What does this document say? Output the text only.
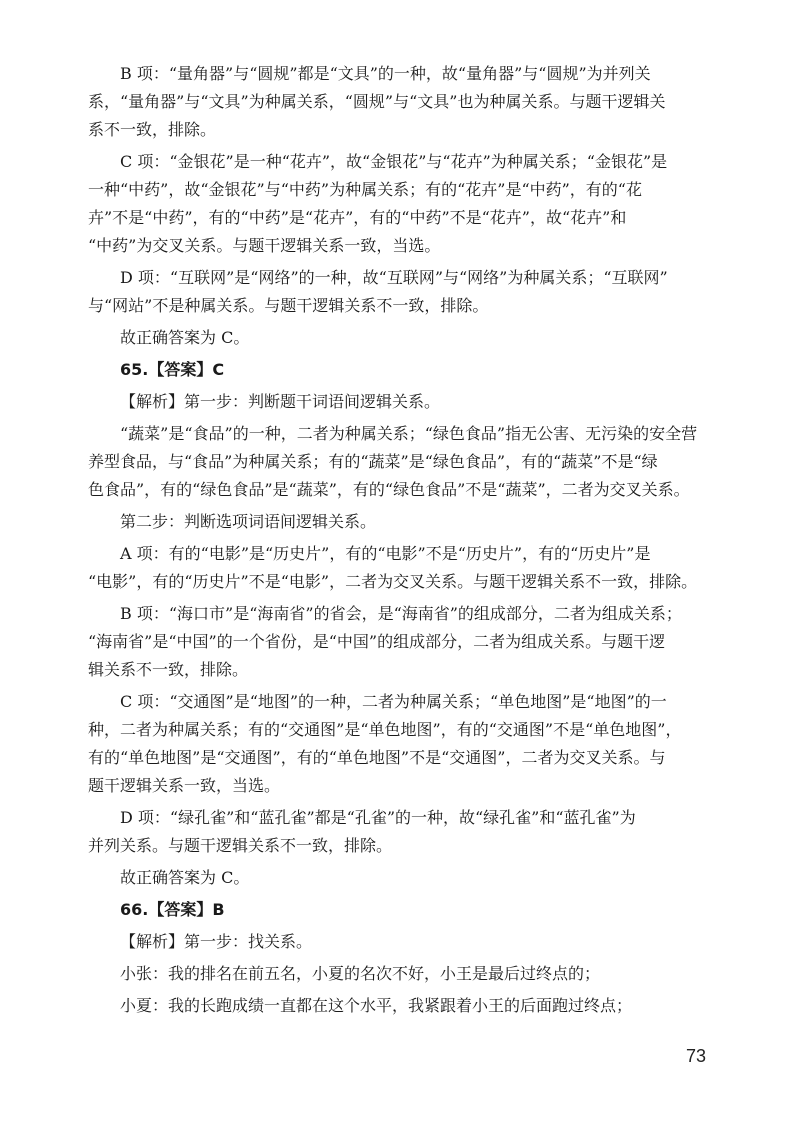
B 项：“量角器”与“圆规”都是“文具”的一种，故“量角器”与“圆规”为并列关
系，“量角器”与“文具”为种属关系，“圆规”与“文具”也为种属关系。与题干逻辑关
系不一致，排除。
C 项：“金银花”是一种“花卉”，故“金银花”与“花卉”为种属关系；“金银花”是
一种“中药”，故“金银花”与“中药”为种属关系；有的“花卉”是“中药”，有的“花
卉”不是“中药”，有的“中药”是“花卉”，有的“中药”不是“花卉”，故“花卉”和
“中药”为交叉关系。与题干逻辑关系一致，当选。
D 项：“互联网”是“网络”的一种，故“互联网”与“网络”为种属关系；“互联网”
与“网站”不是种属关系。与题干逻辑关系不一致，排除。
故正确答案为 C。
65.【答案】C
【解析】第一步：判断题干词语间逻辑关系。
“蔬菜”是“食品”的一种，二者为种属关系；“绿色食品”指无公害、无污染的安全营
养型食品，与“食品”为种属关系；有的“蔬菜”是“绿色食品”，有的“蔬菜”不是“绿
色食品”，有的“绿色食品”是“蔬菜”，有的“绿色食品”不是“蔬菜”，二者为交叉关系。
第二步：判断选项词语间逻辑关系。
A 项：有的“电影”是“历史片”，有的“电影”不是“历史片”，有的“历史片”是
“电影”，有的“历史片”不是“电影”，二者为交叉关系。与题干逻辑关系不一致，排除。
B 项：“海口市”是“海南省”的省会，是“海南省”的组成部分，二者为组成关系；
“海南省”是“中国”的一个省份，是“中国”的组成部分，二者为组成关系。与题干逻
辑关系不一致，排除。
C 项：“交通图”是“地图”的一种，二者为种属关系；“单色地图”是“地图”的一
种，二者为种属关系；有的“交通图”是“单色地图”，有的“交通图”不是“单色地图”，
有的“单色地图”是“交通图”，有的“单色地图”不是“交通图”，二者为交叉关系。与
题干逻辑关系一致，当选。
D 项：“绿孔雀”和“蓝孔雀”都是“孔雀”的一种，故“绿孔雀”和“蓝孔雀”为
并列关系。与题干逻辑关系不一致，排除。
故正确答案为 C。
66.【答案】B
【解析】第一步：找关系。
小张：我的排名在前五名，小夏的名次不好，小王是最后过终点的；
小夏：我的长跑成绩一直都在这个水平，我紧跟着小王的后面跑过终点；
73
